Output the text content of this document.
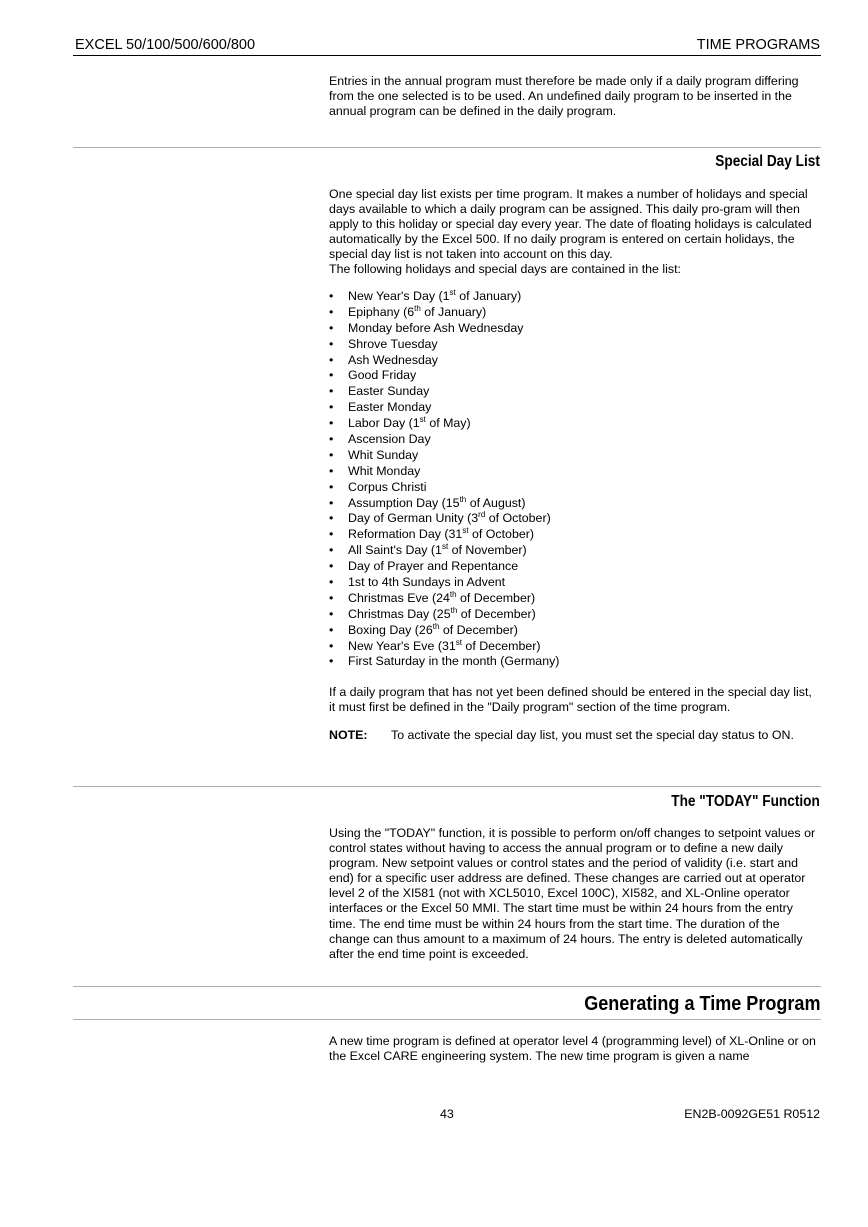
EXCEL 50/100/500/600/800	TIME PROGRAMS

Entries in the annual program must therefore be made only if a daily program differing from the one selected is to be used. An undefined daily program to be inserted in the annual program can be defined in the daily program.

Special Day List

One special day list exists per time program. It makes a number of holidays and special days available to which a daily program can be assigned. This daily pro-gram will then apply to this holiday or special day every year. The date of floating holidays is calculated automatically by the Excel 500. If no daily program is entered on certain holidays, the special day list is not taken into account on this day.

The following holidays and special days are contained in the list:

• New Year's Day (1st of January)
• Epiphany (6th of January)
• Monday before Ash Wednesday
• Shrove Tuesday
• Ash Wednesday
• Good Friday
• Easter Sunday
• Easter Monday
• Labor Day (1st of May)
• Ascension Day
• Whit Sunday
• Whit Monday
• Corpus Christi
• Assumption Day (15th of August)
• Day of German Unity (3rd of October)
• Reformation Day (31st of October)
• All Saint's Day (1st of November)
• Day of Prayer and Repentance
• 1st to 4th Sundays in Advent
• Christmas Eve (24th of December)
• Christmas Day (25th of December)
• Boxing Day (26th of December)
• New Year's Eve (31st of December)
• First Saturday in the month (Germany)

If a daily program that has not yet been defined should be entered in the special day list, it must first be defined in the "Daily program" section of the time program.

NOTE:	To activate the special day list, you must set the special day status to ON.
The "TODAY" Function

Using the "TODAY" function, it is possible to perform on/off changes to setpoint values or control states without having to access the annual program or to define a new daily program. New setpoint values or control states and the period of validity (i.e. start and end) for a specific user address are defined. These changes are carried out at operator level 2 of the XI581 (not with XCL5010, Excel 100C), XI582, and XL-Online operator interfaces or the Excel 50 MMI. The start time must be within 24 hours from the entry time. The end time must be within 24 hours from the start time. The duration of the change can thus amount to a maximum of 24 hours. The entry is deleted automatically after the end time point is exceeded.

Generating a Time Program

A new time program is defined at operator level 4 (programming level) of XL-Online or on the Excel CARE engineering system. The new time program is given a name

43	EN2B-0092GE51 R0512
